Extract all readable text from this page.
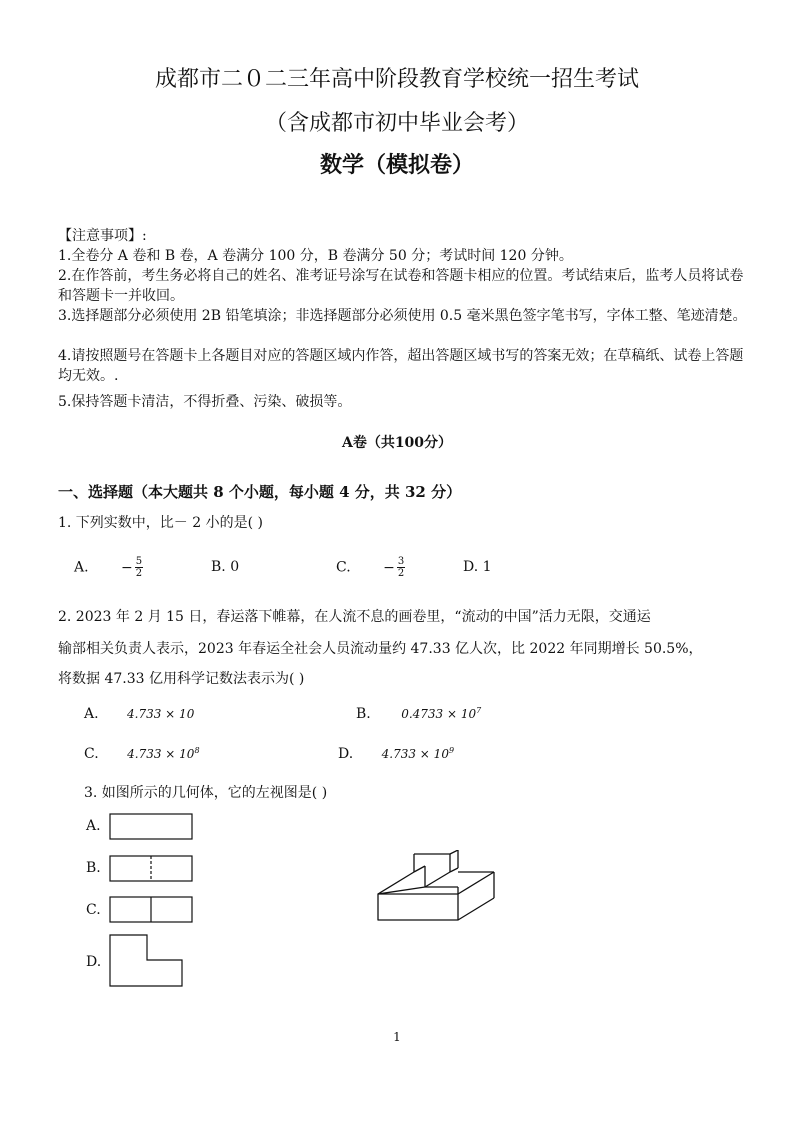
成都市二０二三年高中阶段教育学校统一招生考试
（含成都市初中毕业会考）
数学（模拟卷）
【注意事项】:
1.全卷分 A 卷和 B 卷，A 卷满分 100 分，B 卷满分 50 分；考试时间 120 分钟。
2.在作答前，考生务必将自己的姓名、准考证号涂写在试卷和答题卡相应的位置。考试结束后，监考人员将试卷和答题卡一并收回。
3.选择题部分必须使用 2B 铅笔填涂；非选择题部分必须使用 0.5 毫米黑色签字笔书写，字体工整、笔迹清楚。
4.请按照题号在答题卡上各题目对应的答题区域内作答，超出答题区域书写的答案无效；在草稿纸、试卷上答题均无效。.
5.保持答题卡清洁，不得折叠、污染、破损等。
A卷（共100分）
一、选择题（本大题共 8 个小题，每小题 4 分，共 32 分）
1. 下列实数中，比－ 2 小的是( )
A. − $\frac{5}{2}$	B. 0	C. − $\frac{3}{2}$	D. 1
2. 2023 年 2 月 15 日，春运落下帷幕，在人流不息的画卷里，“流动的中国”活力无限，交通运
输部相关负责人表示，2023 年春运全社会人员流动量约 47.33 亿人次，比 2022 年同期增长 50.5%，
将数据 47.33 亿用科学记数法表示为( )
A. 4.733 × 10	B.	$0.4733 \times 10^7$
C. $4.733 \times 10^8$	D. $4.733 \times 10^9$
3. 如图所示的几何体，它的左视图是( )
A.
B.
C.
D.
1
